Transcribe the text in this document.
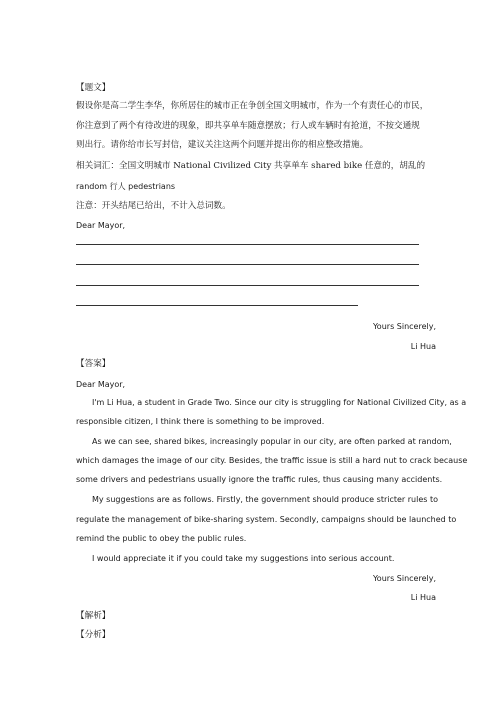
【题文】
假设你是高二学生李华，你所居住的城市正在争创全国文明城市，作为一个有责任心的市民，
你注意到了两个有待改进的现象，即共享单车随意摆放；行人或车辆时有抢道，不按交通规
则出行。请你给市长写封信，建议关注这两个问题并提出你的相应整改措施。
相关词汇：全国文明城市 National Civilized City 共享单车 shared bike 任意的，胡乱的
random 行人 pedestrians
注意：开头结尾已给出，不计入总词数。
Dear Mayor,
Yours Sincerely,
Li Hua
【答案】
Dear Mayor,
I'm Li Hua, a student in Grade Two. Since our city is struggling for National Civilized City, as a
responsible citizen, I think there is something to be improved.
As we can see, shared bikes, increasingly popular in our city, are often parked at random,
which damages the image of our city. Besides, the traffic issue is still a hard nut to crack because
some drivers and pedestrians usually ignore the traffic rules, thus causing many accidents.
My suggestions are as follows. Firstly, the government should produce stricter rules to
regulate the management of bike-sharing system. Secondly, campaigns should be launched to
remind the public to obey the public rules.
I would appreciate it if you could take my suggestions into serious account.
Yours Sincerely,
Li Hua
【解析】
【分析】
